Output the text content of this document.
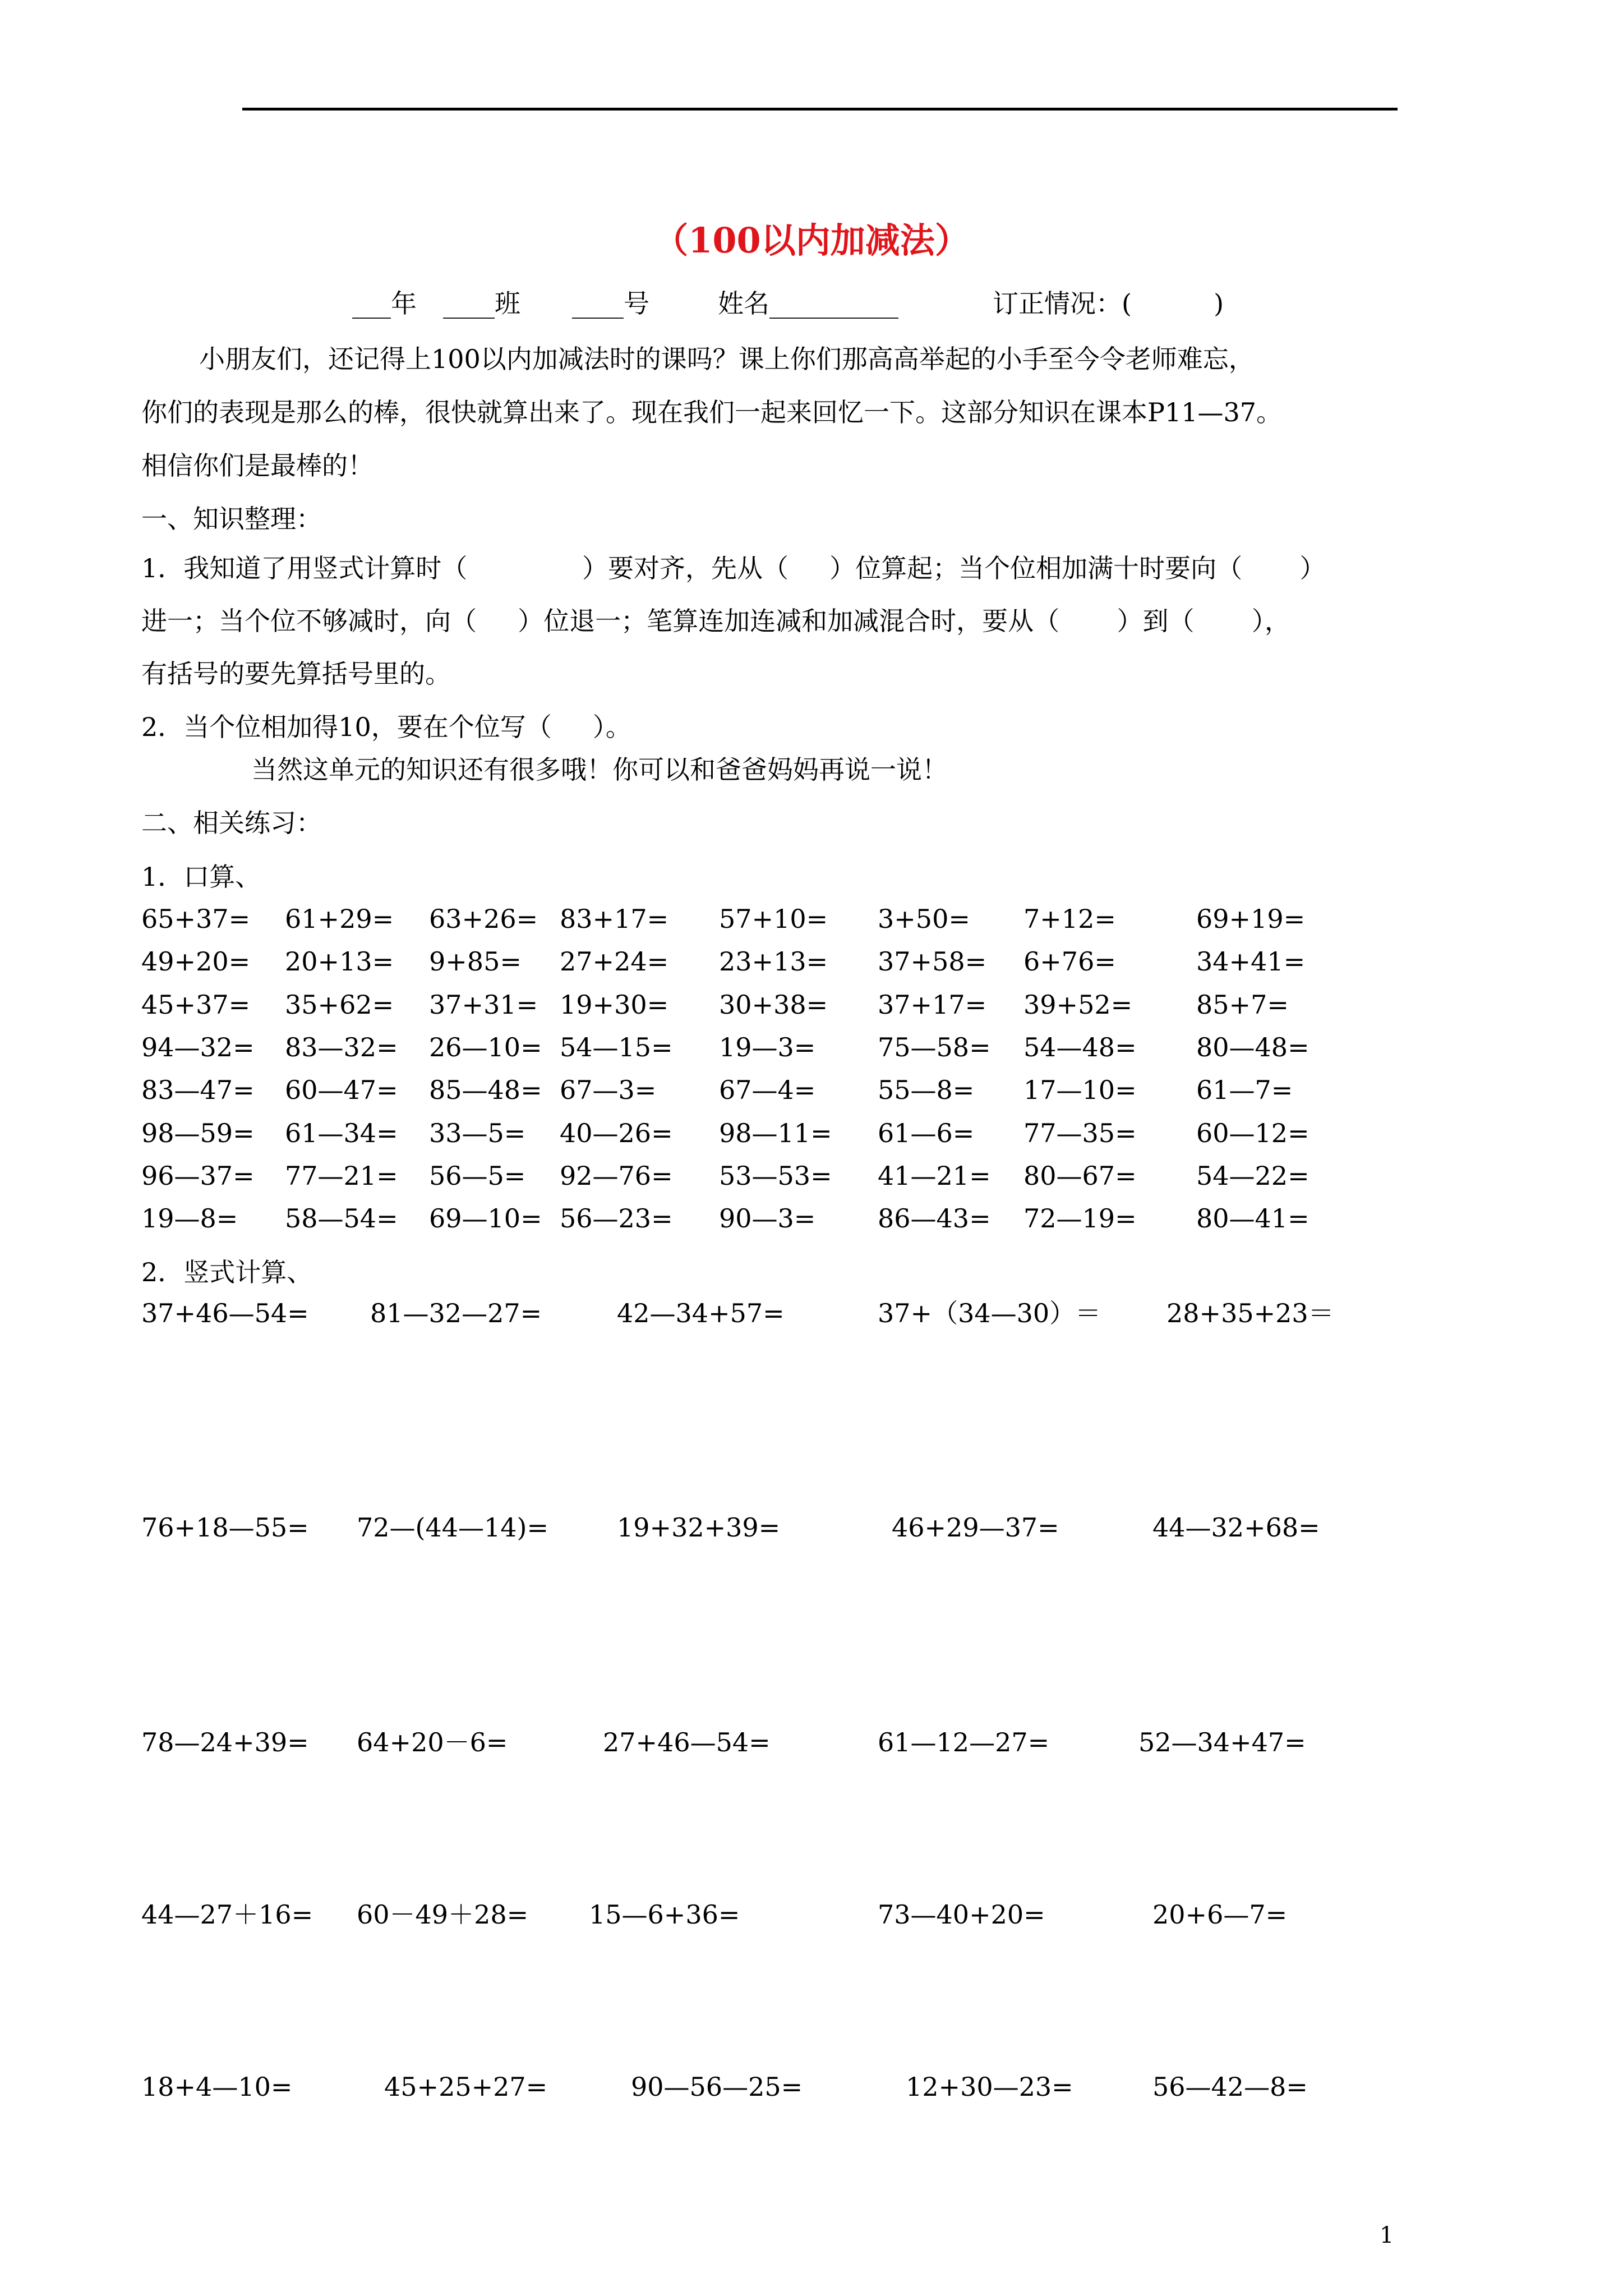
（100以内加减法）
___年 ____班 ____号	姓名__________	订正情况：(          )
小朋友们，还记得上100以内加减法时的课吗？课上你们那高高举起的小手至今令老师难忘，
你们的表现是那么的棒，很快就算出来了。现在我们一起来回忆一下。这部分知识在课本P11—37。
相信你们是最棒的！
一、知识整理：
1．我知道了用竖式计算时（              ）要对齐，先从（     ）位算起；当个位相加满十时要向（       ）
进一；当个位不够减时，向（     ）位退一；笔算连加连减和加减混合时，要从（       ）到（       ），
有括号的要先算括号里的。
2．当个位相加得10，要在个位写（     ）。
当然这单元的知识还有很多哦！你可以和爸爸妈妈再说一说！
二、相关练习：
1．口算、
65+37= 61+29= 63+26= 83+17= 57+10= 3+50= 7+12=	69+19=
49+20= 20+13= 9+85= 27+24= 23+13= 37+58= 6+76=	34+41=
45+37= 35+62= 37+31= 19+30= 30+38= 37+17= 39+52= 85+7=
94—32= 83—32= 26—10= 54—15= 19—3= 75—58= 54—48= 80—48=
83—47= 60—47= 85—48= 67—3= 67—4= 55—8= 17—10= 61—7=
98—59= 61—34= 33—5= 40—26= 98—11= 61—6= 77—35= 60—12=
96—37= 77—21= 56—5= 92—76= 53—53= 41—21= 80—67= 54—22=
19—8= 58—54= 69—10= 56—23= 90—3= 86—43= 72—19= 80—41=
2．竖式计算、
37+46—54= 81—32—27=	42—34+57=	37+（34—30）＝	28+35+23＝
76+18—55= 72—(44—14)=	19+32+39=	46+29—37=	44—32+68=
78—24+39= 64+20－6=	27+46—54=	61—12—27=	52—34+47=
44—27＋16= 60－49＋28= 15—6+36=	73—40+20=	20+6—7=
18+4—10=	45+25+27=	90—56—25=	12+30—23=	56—42—8=
1
